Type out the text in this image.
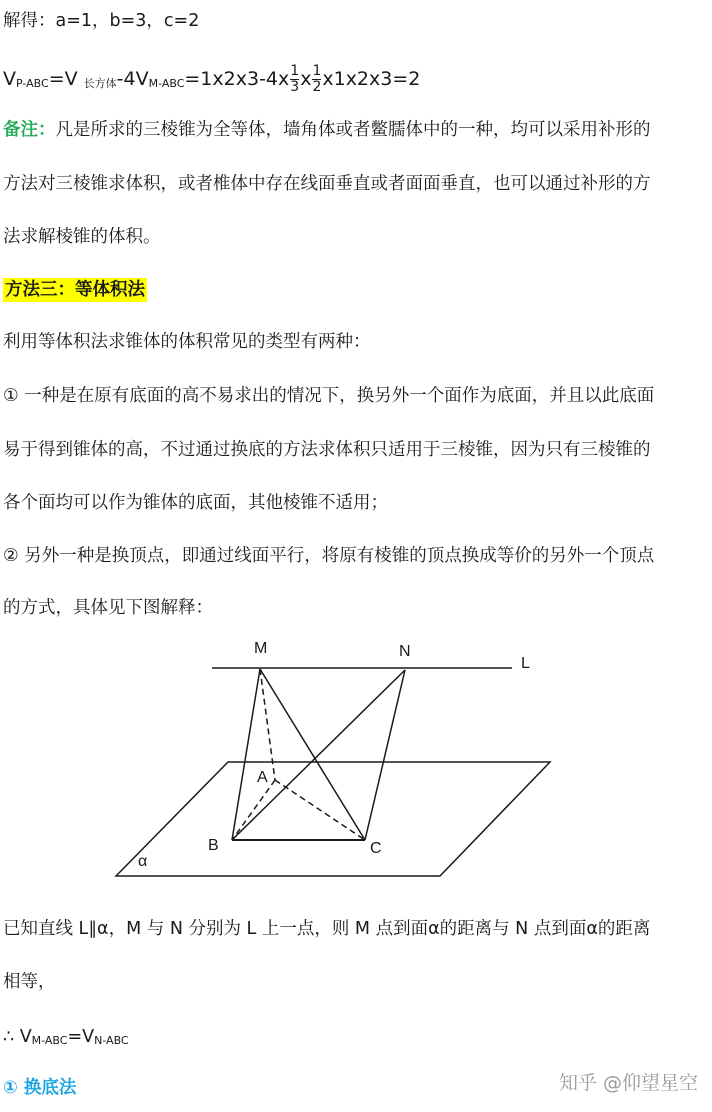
解得：a=1，b=3，c=2
$V_{P-ABC}=V$ $_{长方体}-4V_{M-ABC}=1x2x3-4x \frac{1}{3}$ x $\frac{1}{2} x1x2x3=2$
备注：凡是所求的三棱锥为全等体，墙角体或者鳖臑体中的一种，均可以采用补形的
方法对三棱锥求体积，或者椎体中存在线面垂直或者面面垂直，也可以通过补形的方
法求解棱锥的体积。
方法三：等体积法
利用等体积法求锥体的体积常见的类型有两种：
① 一种是在原有底面的高不易求出的情况下，换另外一个面作为底面，并且以此底面
易于得到锥体的高，不过通过换底的方法求体积只适用于三棱锥，因为只有三棱锥的
各个面均可以作为锥体的底面，其他棱锥不适用；
② 另外一种是换顶点，即通过线面平行，将原有棱锥的顶点换成等价的另外一个顶点
的方式，具体见下图解释：
M	N
L
A
B	C
α
已知直线 L∥α，M 与 N 分别为 L 上一点，则 M 点到面α的距离与 N 点到面α的距离
相等，
∴ $V_{M-ABC}=V_{N-ABC}$
① 换底法	知乎 @仰望星空
